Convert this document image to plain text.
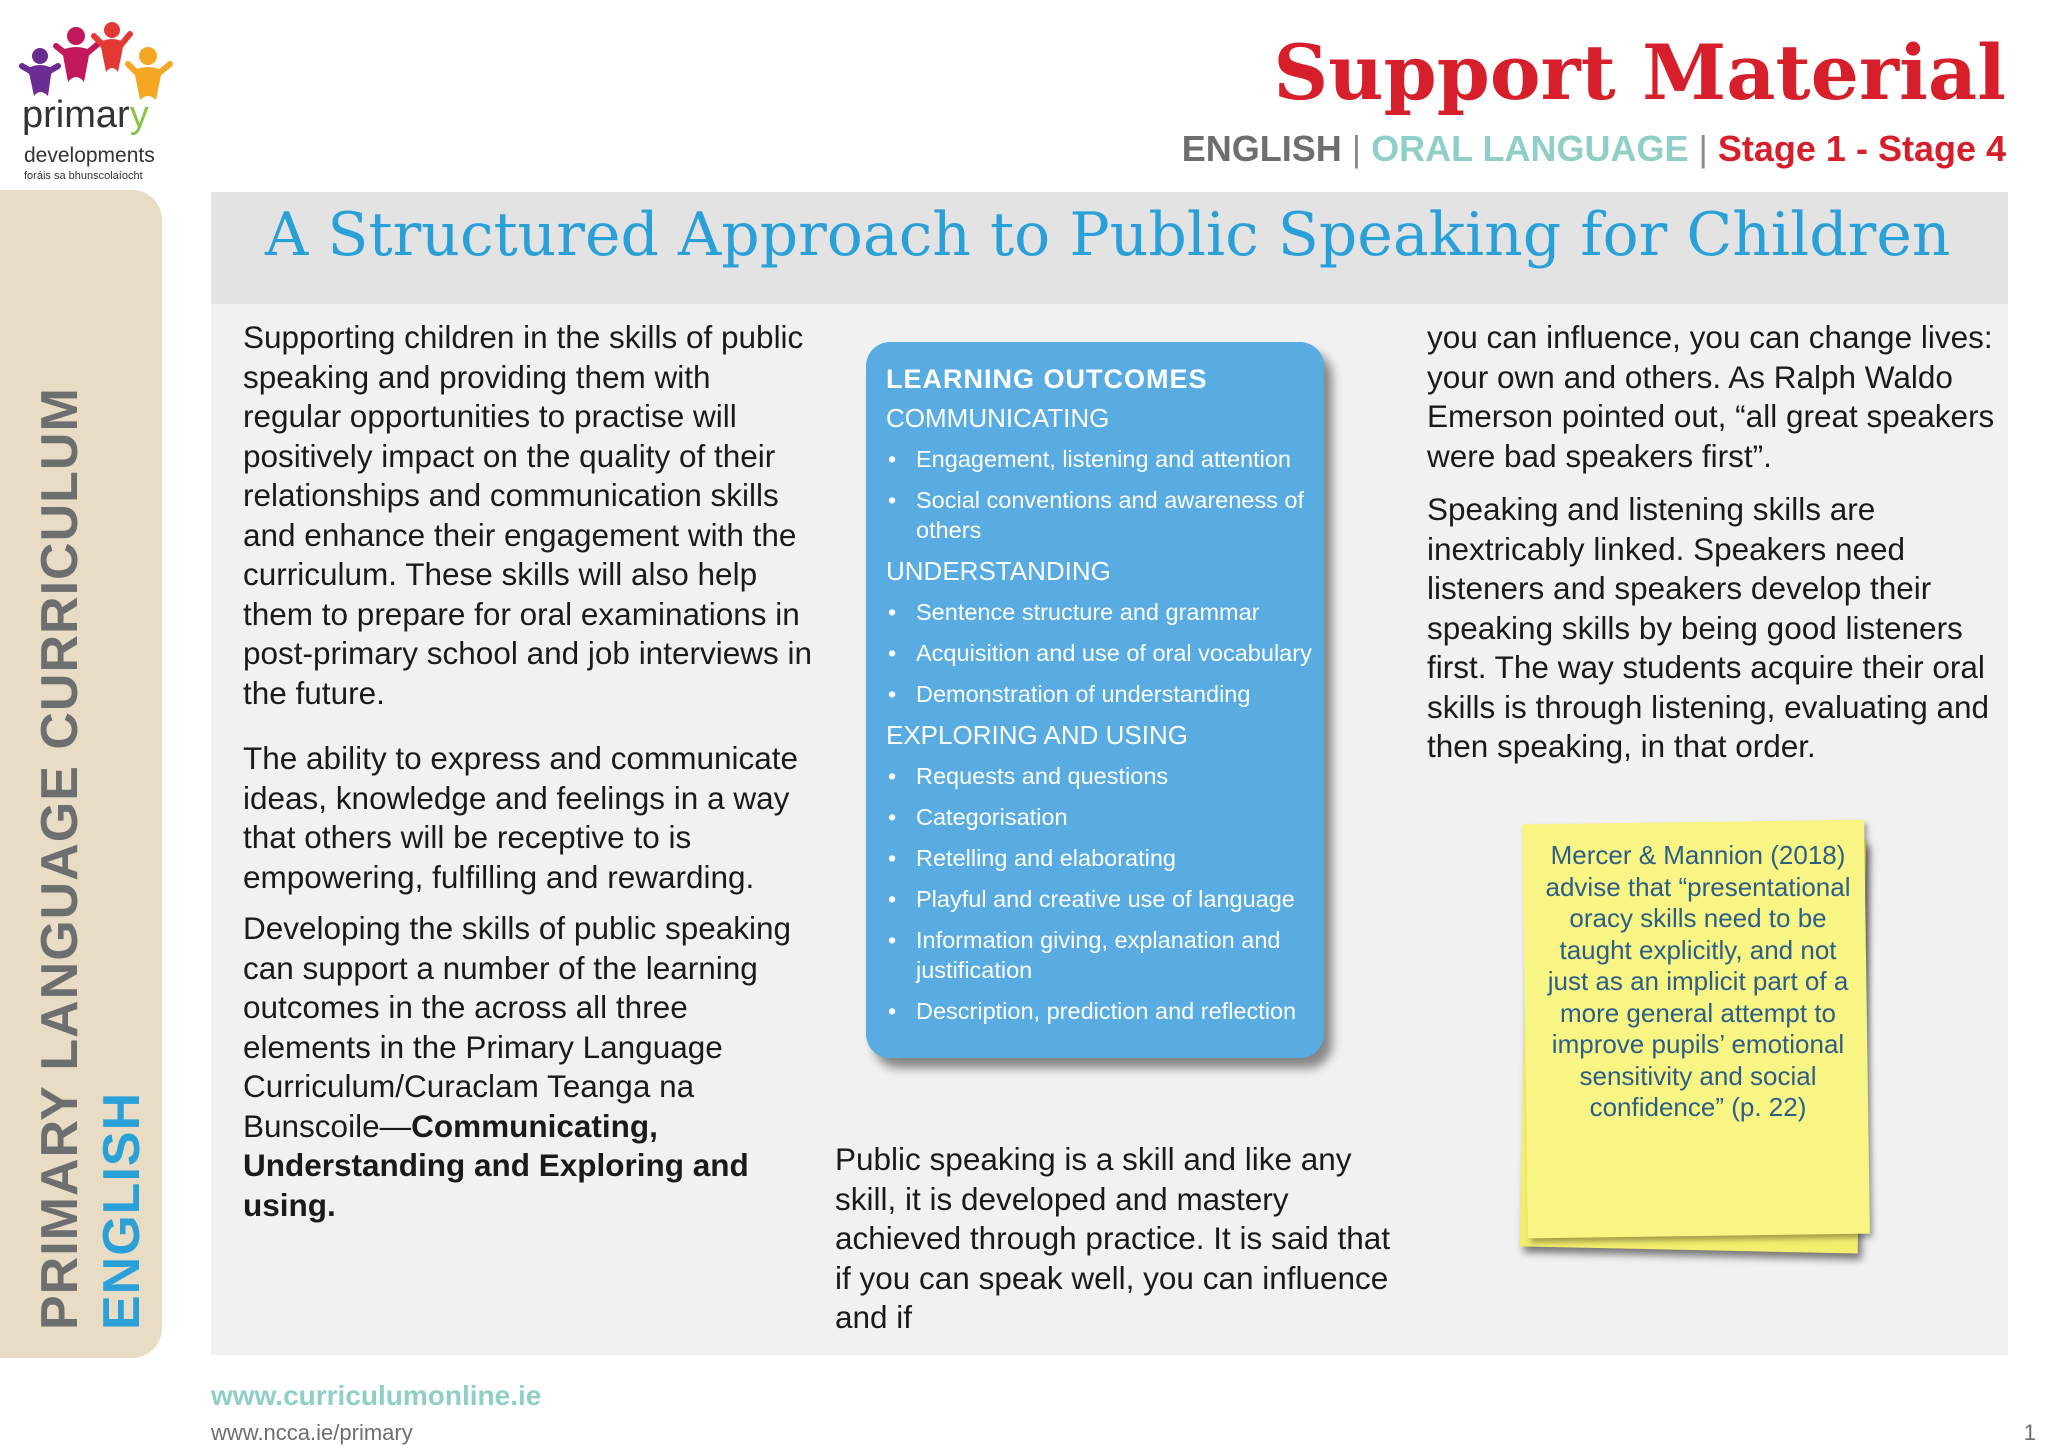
primary
developments
foráis sa bhunscolaíocht
Support Material
ENGLISH | ORAL LANGUAGE | Stage 1 - Stage 4
PRIMARY LANGUAGE CURRICULUM ENGLISH
A Structured Approach to Public Speaking for Children

Supporting children in the skills of public speaking and providing them with regular opportunities to practise will positively impact on the quality of their relationships and communication skills and enhance their engagement with the curriculum. These skills will also help them to prepare for oral examinations in post-primary school and job interviews in the future.

The ability to express and communicate ideas, knowledge and feelings in a way that others will be receptive to is empowering, fulfilling and rewarding.

Developing the skills of public speaking can support a number of the learning outcomes in the across all three elements in the Primary Language Curriculum/Curaclam Teanga na Bunscoile—Communicating, Understanding and Exploring and using.

LEARNING OUTCOMES
COMMUNICATING
• Engagement, listening and attention
• Social conventions and awareness of others
UNDERSTANDING
• Sentence structure and grammar
• Acquisition and use of oral vocabulary
• Demonstration of understanding
EXPLORING AND USING
• Requests and questions
• Categorisation
• Retelling and elaborating
• Playful and creative use of language
• Information giving, explanation and justification
• Description, prediction and reflection

Public speaking is a skill and like any skill, it is developed and mastery achieved through practice. It is said that if you can speak well, you can influence and if

you can influence, you can change lives: your own and others. As Ralph Waldo Emerson pointed out, “all great speakers were bad speakers first”.

Speaking and listening skills are inextricably linked. Speakers need listeners and speakers develop their speaking skills by being good listeners first. The way students acquire their oral skills is through listening, evaluating and then speaking, in that order.

Mercer & Mannion (2018) advise that “presentational oracy skills need to be taught explicitly, and not just as an implicit part of a more general attempt to improve pupils’ emotional sensitivity and social confidence” (p. 22)
www.curriculumonline.ie
www.ncca.ie/primary	1
